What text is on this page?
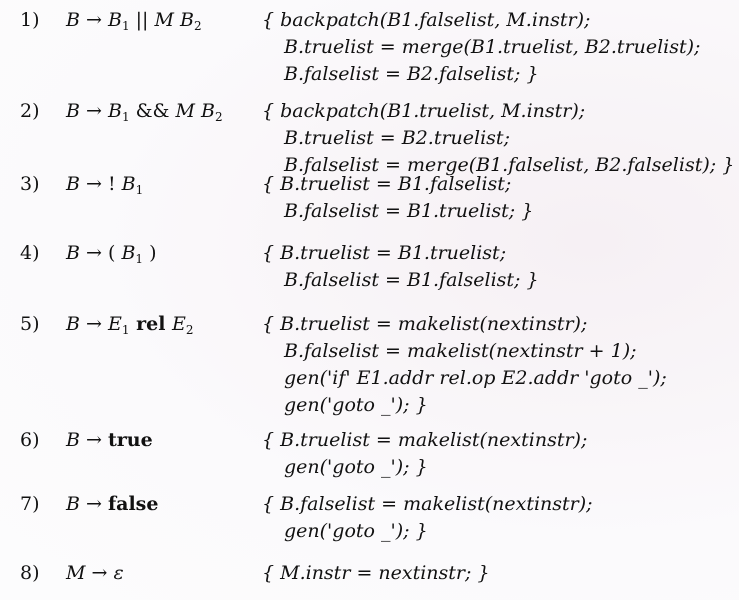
1)	$B \to B_1$ || M $B_2$	{ backpatch(B1.falselist, M.instr);
B.truelist = merge(B1.truelist, B2.truelist);
B.falselist = B2.falselist; }
2)	$B \to B_1$ && M $B_2$ { backpatch(B1.truelist, M.instr);
B.truelist = B2.truelist;
B.falselist = merge(B1.falselist, B2.falselist); }
3)	B → ! $B_1$	{ B.truelist = B1.falselist;
B.falselist = B1.truelist; }
4)	B → ( $B_1$ )	{ B.truelist = B1.truelist;
B.falselist = B1.falselist; }
5)	$B \to E_1$ rel $E_2$	{ B.truelist = makelist(nextinstr);
B.falselist = makelist(nextinstr + 1);
gen('if' E1.addr rel.op E2.addr 'goto _');
gen('goto _'); }
6)	B → true	{ B.truelist = makelist(nextinstr);
gen('goto _'); }
7)	B → false	{ B.falselist = makelist(nextinstr);
gen('goto _'); }
8)	M → ε	{ M.instr = nextinstr; }
